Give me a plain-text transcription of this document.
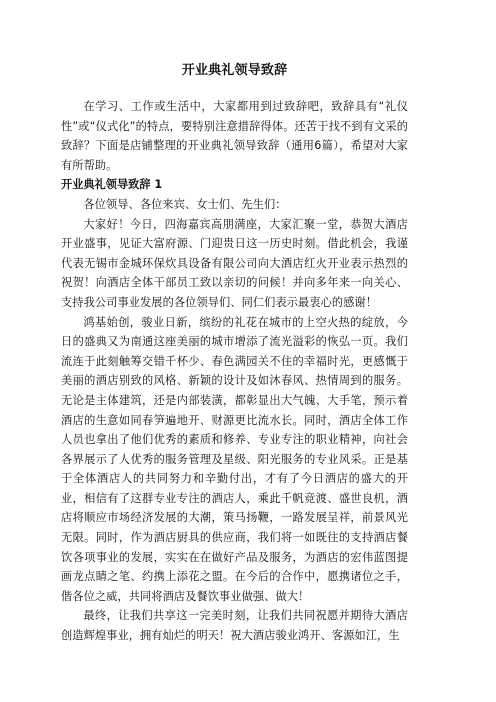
开业典礼领导致辞

在学习、工作或生活中，大家都用到过致辞吧，致辞具有“礼仪性”或“仪式化”的特点，要特别注意措辞得体。还苦于找不到有文采的致辞？下面是店铺整理的开业典礼领导致辞（通用6篇），希望对大家有所帮助。

开业典礼领导致辞 1

各位领导、各位来宾、女士们、先生们：

大家好！今日，四海嘉宾高朋满座，大家汇聚一堂，恭贺大酒店开业盛事，见证大富府源、门迎贵日这一历史时刻。借此机会，我谨代表无锡市金城环保炊具设备有限公司向大酒店红火开业表示热烈的祝贺！向酒店全体干部员工致以亲切的问候！并向多年来一向关心、支持我公司事业发展的各位领导们、同仁们表示最衷心的感谢！

鸿基始创，骏业日新，缤纷的礼花在城市的上空火热的绽放，今日的盛典又为南通这座美丽的城市增添了流光溢彩的恢弘一页。我们流连于此刻触筹交错千杯少、春色满园关不住的幸福时光，更感慨于美丽的酒店别致的风格、新颖的设计及如沐春风、热情周到的服务。无论是主体建筑，还是内部装潢，都彰显出大气魄、大手笔，预示着酒店的生意如同春笋遍地开、财源更比流水长。同时，酒店全体工作人员也拿出了他们优秀的素质和修养、专业专注的职业精神，向社会各界展示了人优秀的服务管理及星级、阳光服务的专业风采。正是基于全体酒店人的共同努力和辛勤付出，才有了今日酒店的盛大的开业，相信有了这群专业专注的酒店人，乘此千帆竞渡、盛世良机，酒店将顺应市场经济发展的大潮，策马扬鞭，一路发展呈祥，前景风光无限。同时，作为酒店厨具的供应商，我们将一如既往的支持酒店餐饮各项事业的发展，实实在在做好产品及服务，为酒店的宏伟蓝图提画龙点睛之笔、约携上添花之盟。在今后的合作中，愿携诸位之手，偕各位之威，共同将酒店及餐饮事业做强、做大！

最终，让我们共享这一完美时刻，让我们共同祝愿并期待大酒店创造辉煌事业，拥有灿烂的明天！祝大酒店骏业鸿开、客源如江，生
